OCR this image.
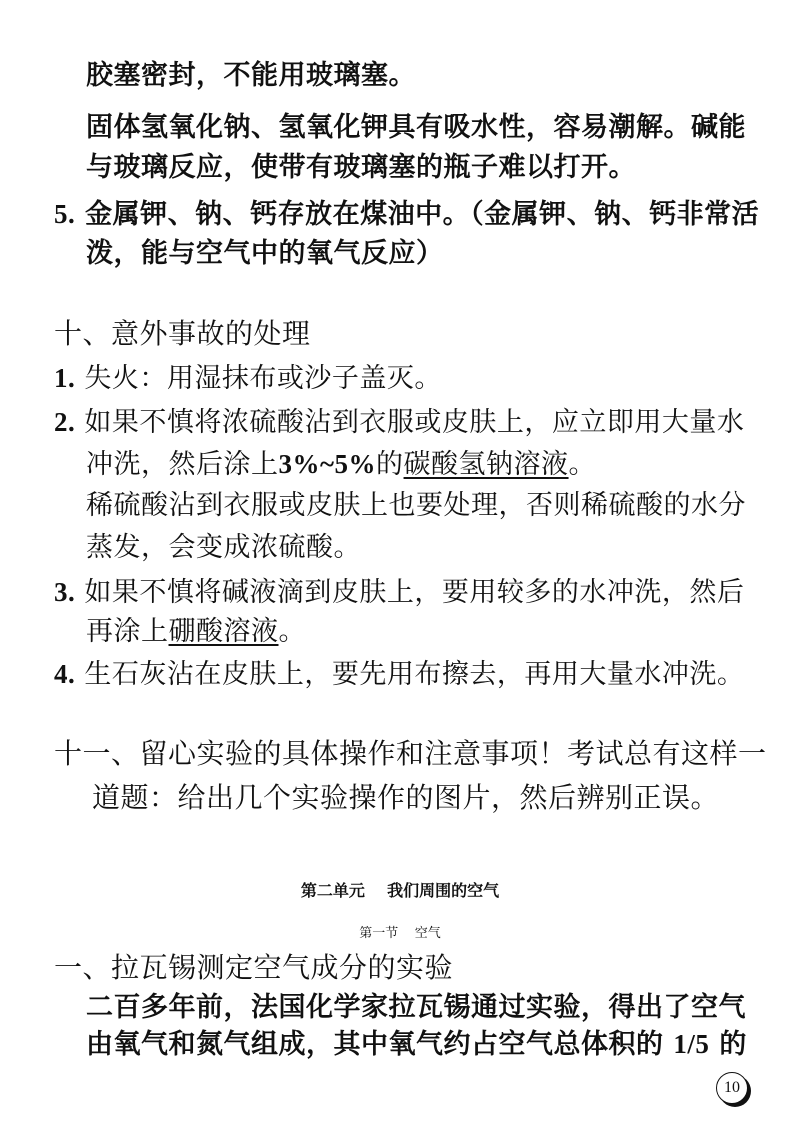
胶塞密封，不能用玻璃塞。
固体氢氧化钠、氢氧化钾具有吸水性，容易潮解。碱能
与玻璃反应，使带有玻璃塞的瓶子难以打开。
5. 金属钾、钠、钙存放在煤油中。（金属钾、钠、钙非常活
泼，能与空气中的氧气反应）
十、意外事故的处理
1. 失火：用湿抹布或沙子盖灭。
2. 如果不慎将浓硫酸沾到衣服或皮肤上，应立即用大量水
冲洗，然后涂上3%~5%的碳酸氢钠溶液。
稀硫酸沾到衣服或皮肤上也要处理，否则稀硫酸的水分
蒸发，会变成浓硫酸。
3. 如果不慎将碱液滴到皮肤上，要用较多的水冲洗，然后
再涂上硼酸溶液。
4. 生石灰沾在皮肤上，要先用布擦去，再用大量水冲洗。
十一、留心实验的具体操作和注意事项！考试总有这样一
道题：给出几个实验操作的图片，然后辨别正误。
第二单元    我们周围的空气
第一节    空气
一、拉瓦锡测定空气成分的实验
二百多年前，法国化学家拉瓦锡通过实验，得出了空气
由氧气和氮气组成，其中氧气约占空气总体积的 1/5 的
10
